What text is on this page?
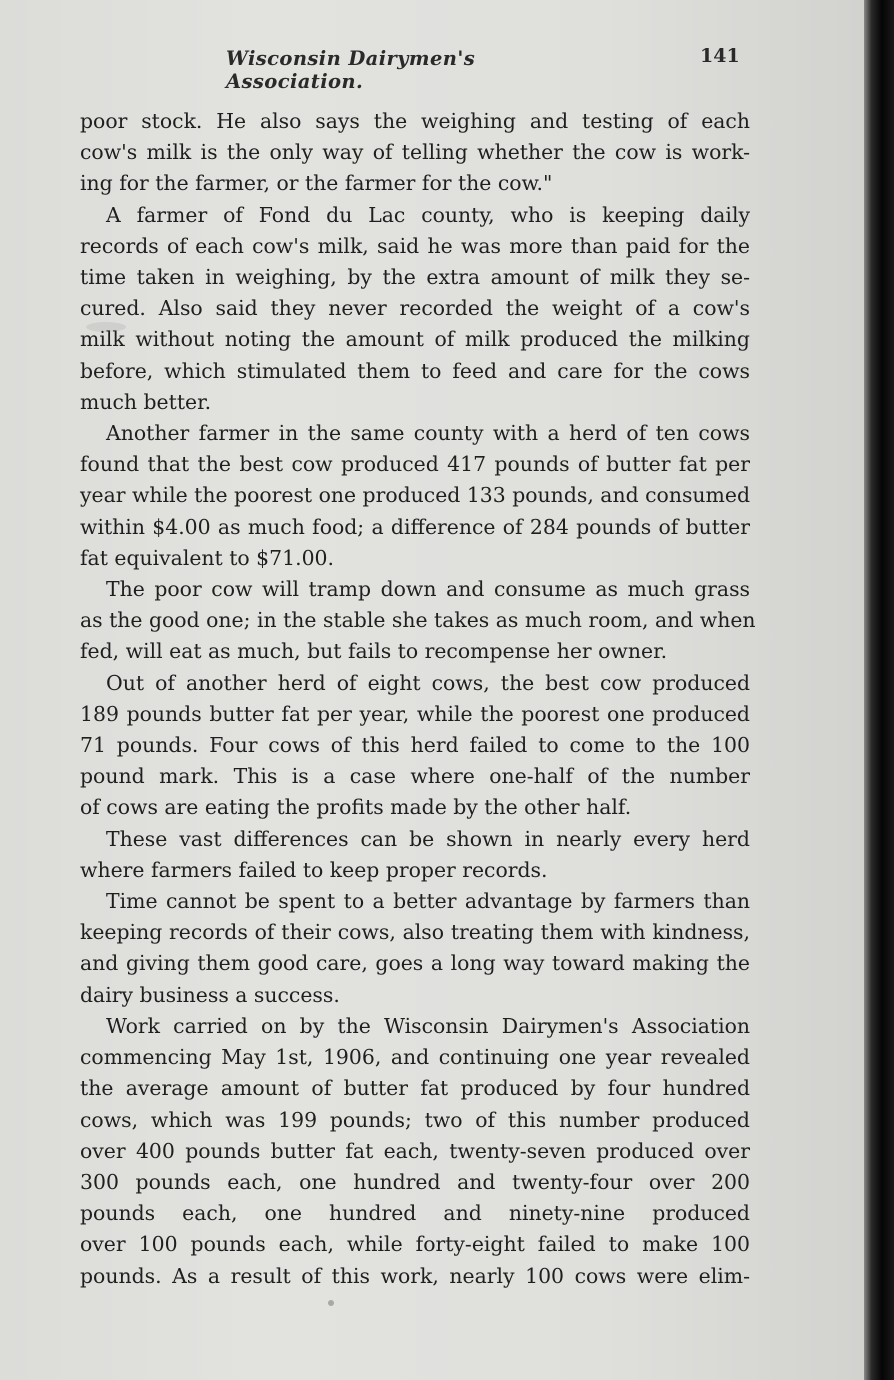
Wisconsin Dairymen's Association.
141
poor stock. He also says the weighing and testing of each
cow's milk is the only way of telling whether the cow is work-
ing for the farmer, or the farmer for the cow."
A farmer of Fond du Lac county, who is keeping daily
records of each cow's milk, said he was more than paid for the
time taken in weighing, by the extra amount of milk they se-
cured. Also said they never recorded the weight of a cow's
milk without noting the amount of milk produced the milking
before, which stimulated them to feed and care for the cows
much better.
Another farmer in the same county with a herd of ten cows
found that the best cow produced 417 pounds of butter fat per
year while the poorest one produced 133 pounds, and consumed
within $4.00 as much food; a difference of 284 pounds of butter
fat equivalent to $71.00.
The poor cow will tramp down and consume as much grass
as the good one; in the stable she takes as much room, and when
fed, will eat as much, but fails to recompense her owner.
Out of another herd of eight cows, the best cow produced
189 pounds butter fat per year, while the poorest one produced
71 pounds. Four cows of this herd failed to come to the 100
pound mark. This is a case where one-half of the number
of cows are eating the profits made by the other half.
These vast differences can be shown in nearly every herd
where farmers failed to keep proper records.
Time cannot be spent to a better advantage by farmers than
keeping records of their cows, also treating them with kindness,
and giving them good care, goes a long way toward making the
dairy business a success.
Work carried on by the Wisconsin Dairymen's Association
commencing May 1st, 1906, and continuing one year revealed
the average amount of butter fat produced by four hundred
cows, which was 199 pounds; two of this number produced
over 400 pounds butter fat each, twenty-seven produced over
300 pounds each, one hundred and twenty-four over 200
pounds each, one hundred and ninety-nine produced
over 100 pounds each, while forty-eight failed to make 100
pounds. As a result of this work, nearly 100 cows were elim-
